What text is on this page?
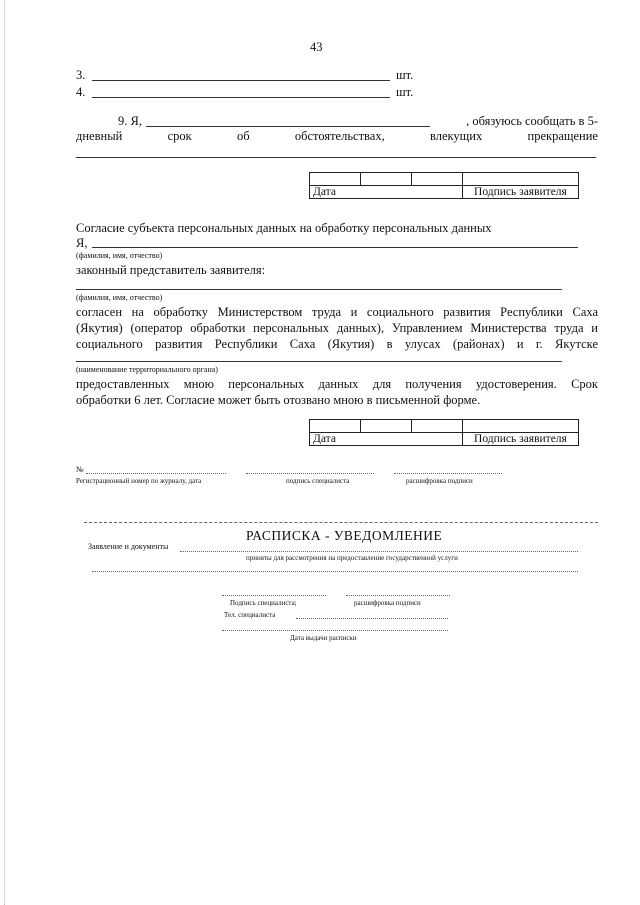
43
3.	шт.
4.	шт.
9. Я,	, обязуюсь сообщать в 5-
дневный	срок	об	обстоятельствах,	влекущих	прекращение

Дата			Подпись заявителя
Согласие субъекта персональных данных на обработку персональных данных
Я,
(фамилия, имя, отчество)
законный представитель заявителя:
(фамилия, имя, отчество)
согласен на обработку Министерством труда и социального развития Республики Саха
(Якутия) (оператор обработки персональных данных), Управлением Министерства труда и
социального развития Республики Саха (Якутия) в улусах (районах) и г. Якутске
(наименование территориального органа)
предоставленных мною персональных данных для получения удостоверения. Срок
обработки 6 лет. Согласие может быть отозвано мною в письменной форме.

Дата			Подпись заявителя
№
Регистрационный номер по журналу, дата	подпись специалиста	расшифровка подписи
РАСПИСКА - УВЕДОМЛЕНИЕ
Заявление и документы
приняты для рассмотрения на предоставление государственной услуги
Подпись специалиста;	расшифровка подписи
Тел. специалиста
Дата выдачи расписки
